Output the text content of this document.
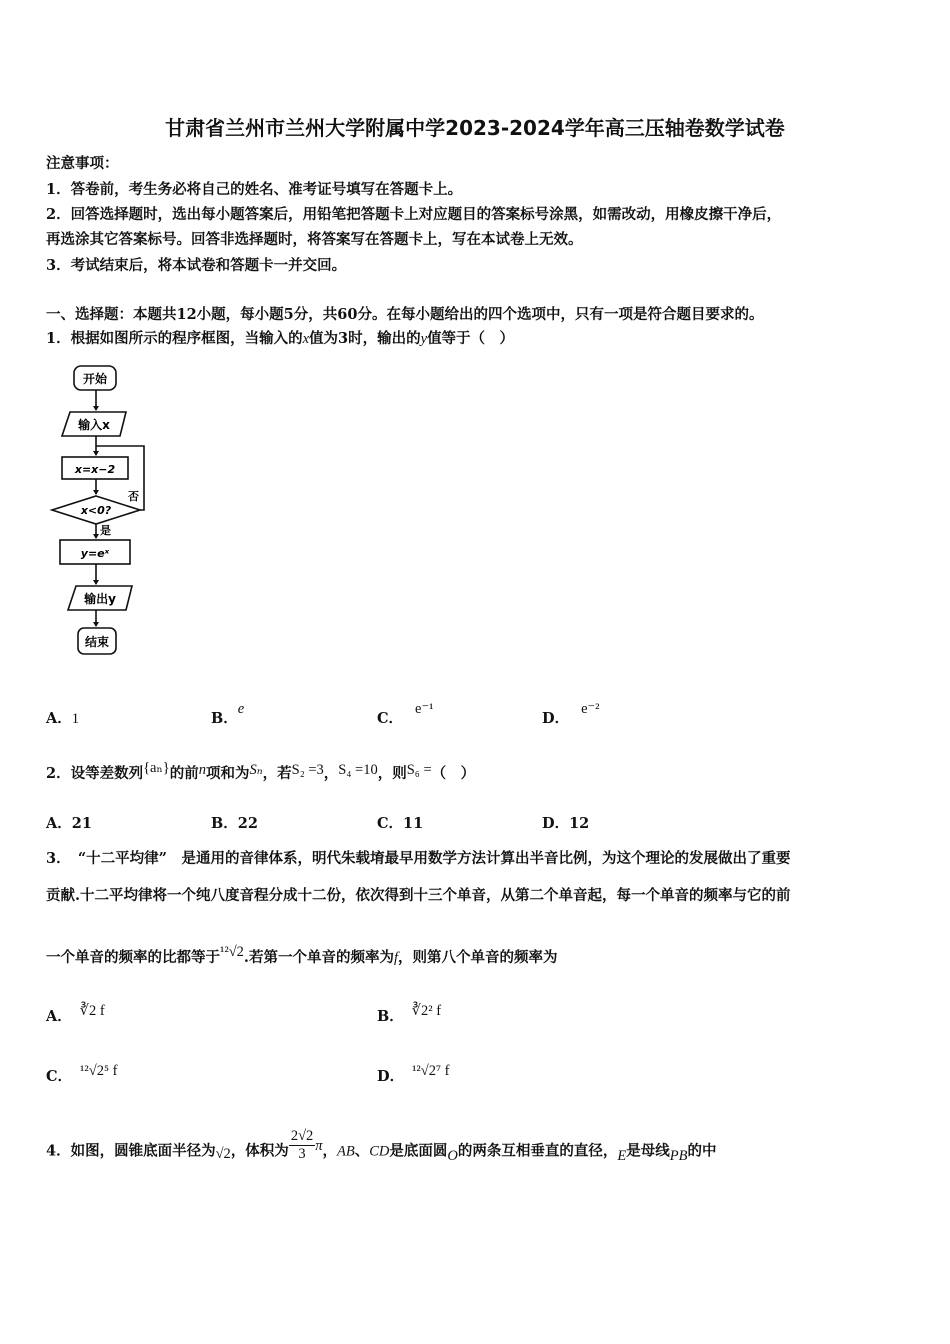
甘肃省兰州市兰州大学附属中学2023-2024学年高三压轴卷数学试卷
注意事项：
1．答卷前，考生务必将自己的姓名、准考证号填写在答题卡上。
2．回答选择题时，选出每小题答案后，用铅笔把答题卡上对应题目的答案标号涂黑，如需改动，用橡皮擦干净后，
再选涂其它答案标号。回答非选择题时，将答案写在答题卡上，写在本试卷上无效。
3．考试结束后，将本试卷和答题卡一并交回。
一、选择题：本题共12小题，每小题5分，共60分。在每小题给出的四个选项中，只有一项是符合题目要求的。
1．根据如图所示的程序框图，当输入的x值为3时，输出的y值等于（　）
开始
输入x
x=x−2
x<0?
否
是
y=eˣ
输出y
结束
A．1	B．e
C．e⁻¹
D．e⁻²
2．设等差数列{aₙ}的前n项和为Sₙ，若S₂ =3，S₄ =10，则S₆ =（　）
A．21	B．22	C．11	D．12
3．　“十二平均律”　是通用的音律体系，明代朱载堉最早用数学方法计算出半音比例，为这个理论的发展做出了重要
贡献.十二平均律将一个纯八度音程分成十二份，依次得到十三个单音，从第二个单音起，每一个单音的频率与它的前
一个单音的频率的比都等于¹²√2.若第一个单音的频率为f，则第八个单音的频率为
A． ∛2 f	B． ∛2² f
C． ¹²√2⁵ f	D． ¹²√2⁷ f
4．如图，圆锥底面半径为√2，体积为 $\frac{2√2}{3}$ π，AB、CD是底面圆O的两条互相垂直的直径，E是母线PB的中
